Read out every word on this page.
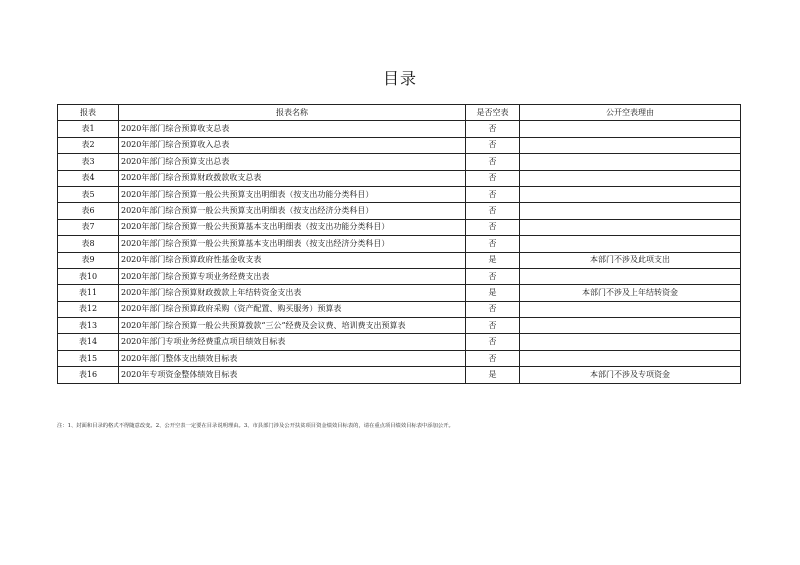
目录
报表	报表名称	是否空表	公开空表理由
表1	2020年部门综合预算收支总表	否	
表2	2020年部门综合预算收入总表	否	
表3	2020年部门综合预算支出总表	否	
表4	2020年部门综合预算财政拨款收支总表	否	
表5	2020年部门综合预算一般公共预算支出明细表（按支出功能分类科目）	否	
表6	2020年部门综合预算一般公共预算支出明细表（按支出经济分类科目）	否	
表7	2020年部门综合预算一般公共预算基本支出明细表（按支出功能分类科目）	否	
表8	2020年部门综合预算一般公共预算基本支出明细表（按支出经济分类科目）	否	
表9	2020年部门综合预算政府性基金收支表	是	本部门不涉及此项支出
表10	2020年部门综合预算专项业务经费支出表	否	
表11	2020年部门综合预算财政拨款上年结转资金支出表	是	本部门不涉及上年结转资金
表12	2020年部门综合预算政府采购（资产配置、购买服务）预算表	否	
表13	2020年部门综合预算一般公共预算拨款“三公”经费及会议费、培训费支出预算表	否	
表14	2020年部门专项业务经费重点项目绩效目标表	否	
表15	2020年部门整体支出绩效目标表	否	
表16	2020年专项资金整体绩效目标表	是	本部门不涉及专项资金
注：1、封面和目录的格式不得随意改变。2、公开空表一定要在目录说明理由。3、市县部门涉及公开扶贫项目资金绩效目标表的，请在重点项目绩效目标表中添加公开。
